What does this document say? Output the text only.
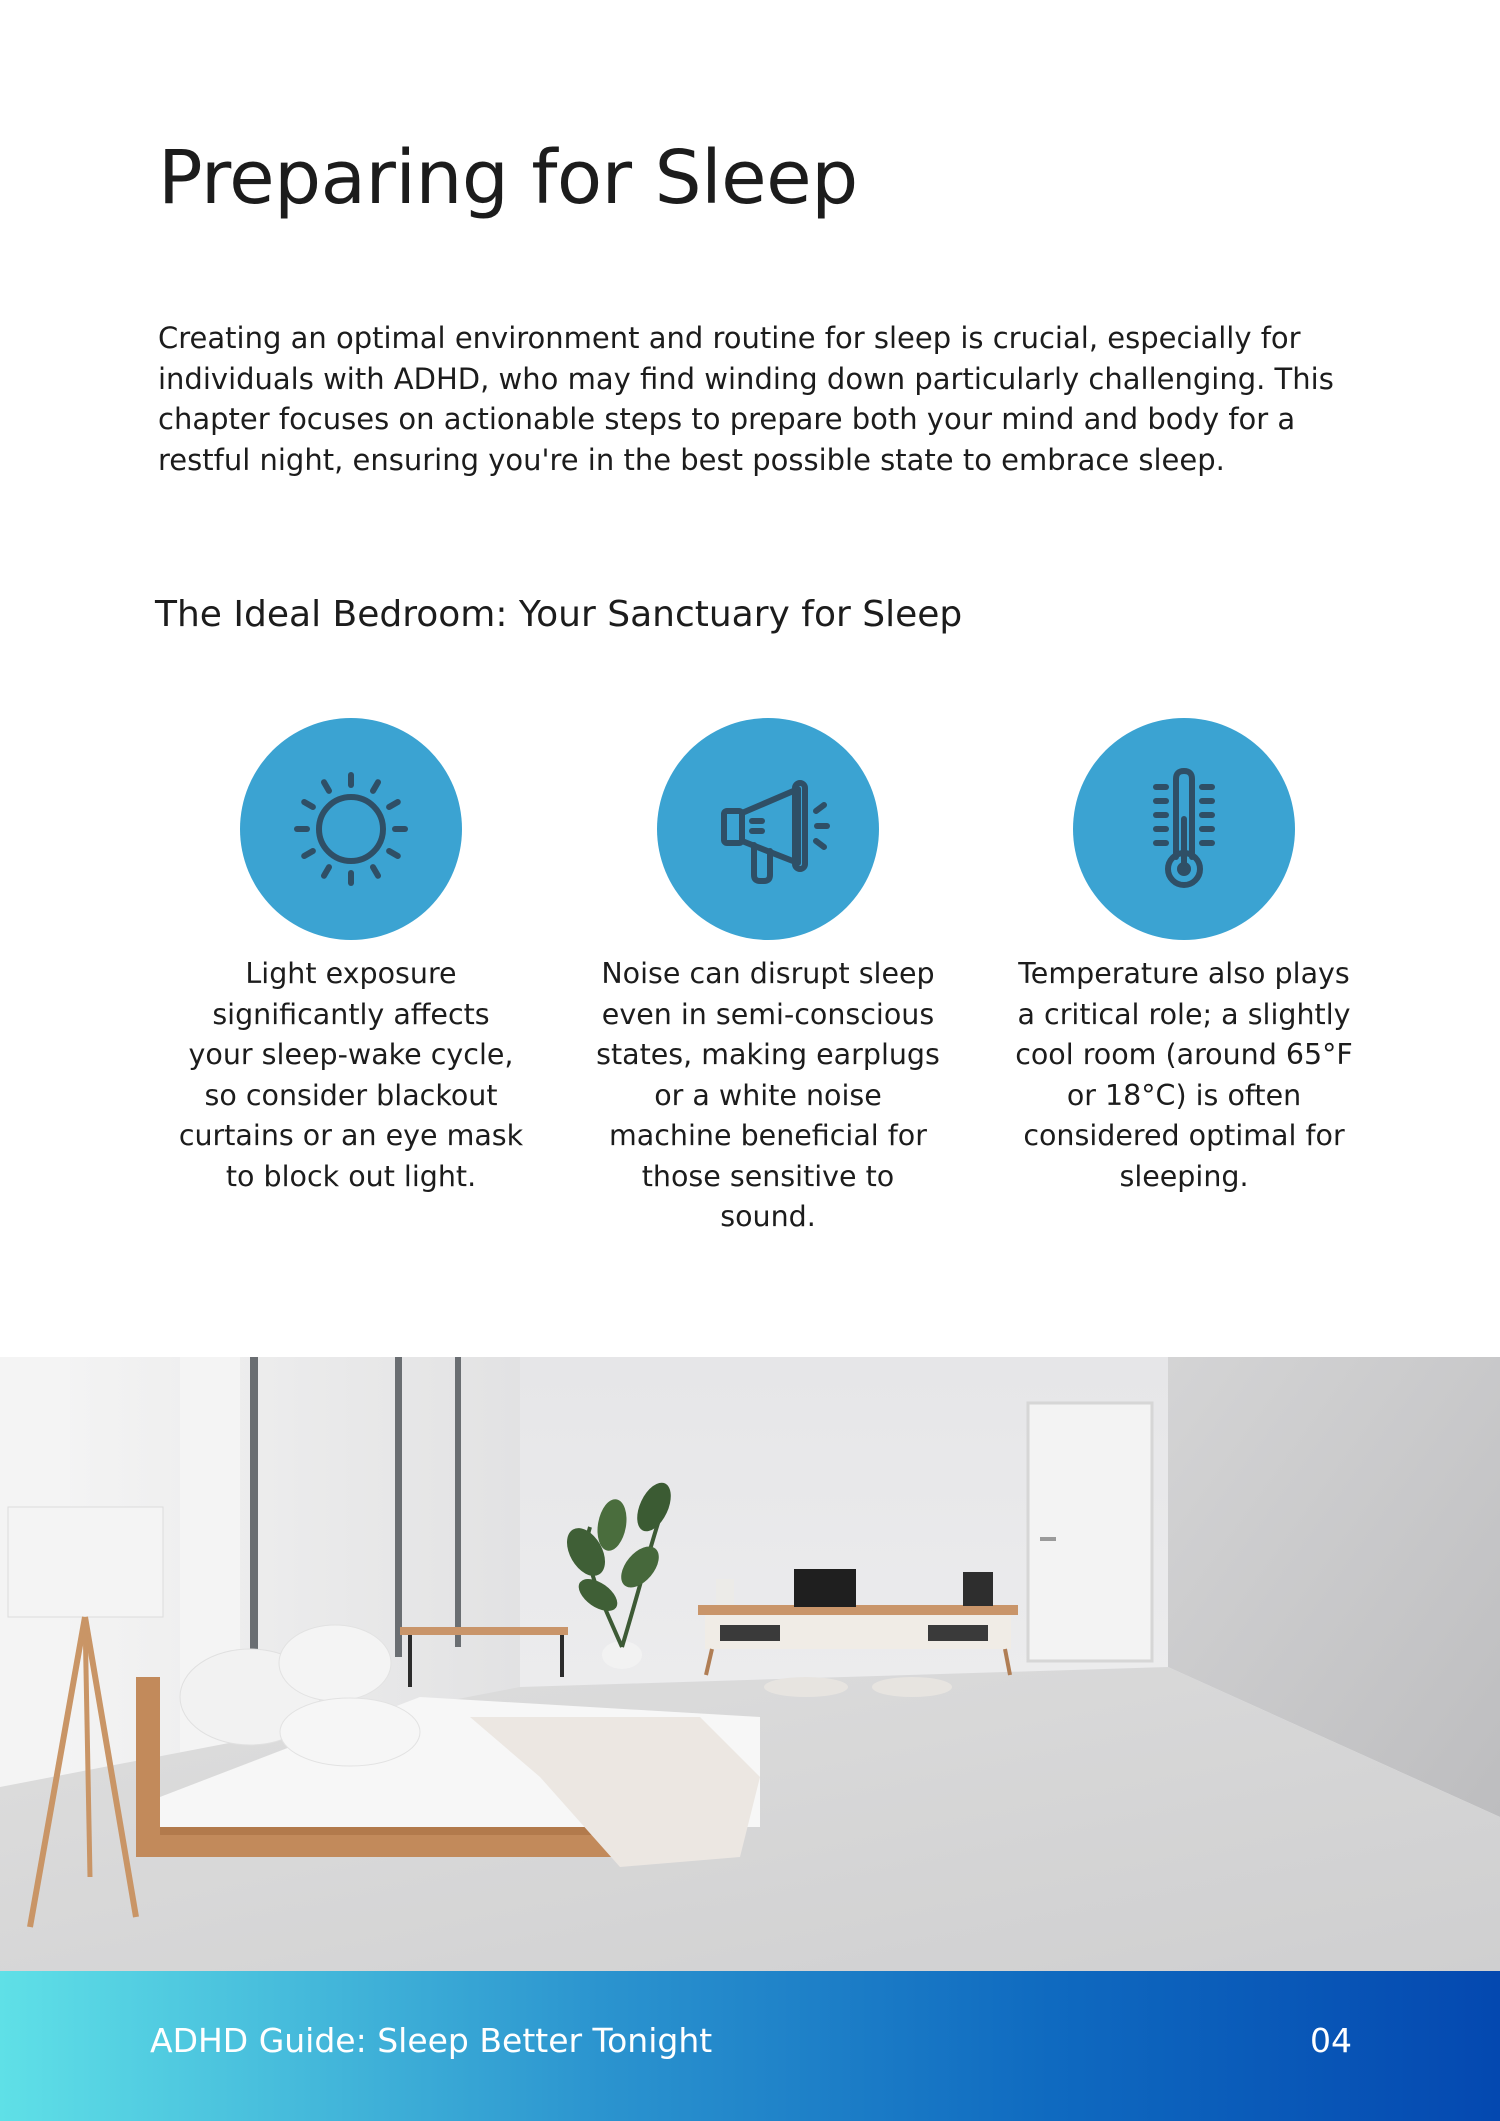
Preparing for Sleep

Creating an optimal environment and routine for sleep is crucial, especially for individuals with ADHD, who may find winding down particularly challenging. This chapter focuses on actionable steps to prepare both your mind and body for a restful night, ensuring you're in the best possible state to embrace sleep.

The Ideal Bedroom: Your Sanctuary for Sleep
Light exposure significantly affects your sleep-wake cycle, so consider blackout curtains or an eye mask to block out light.
Noise can disrupt sleep even in semi-conscious states, making earplugs or a white noise machine beneficial for those sensitive to sound.
Temperature also plays a critical role; a slightly cool room (around 65°F or 18°C) is often considered optimal for sleeping.
ADHD Guide: Sleep Better Tonight	04
